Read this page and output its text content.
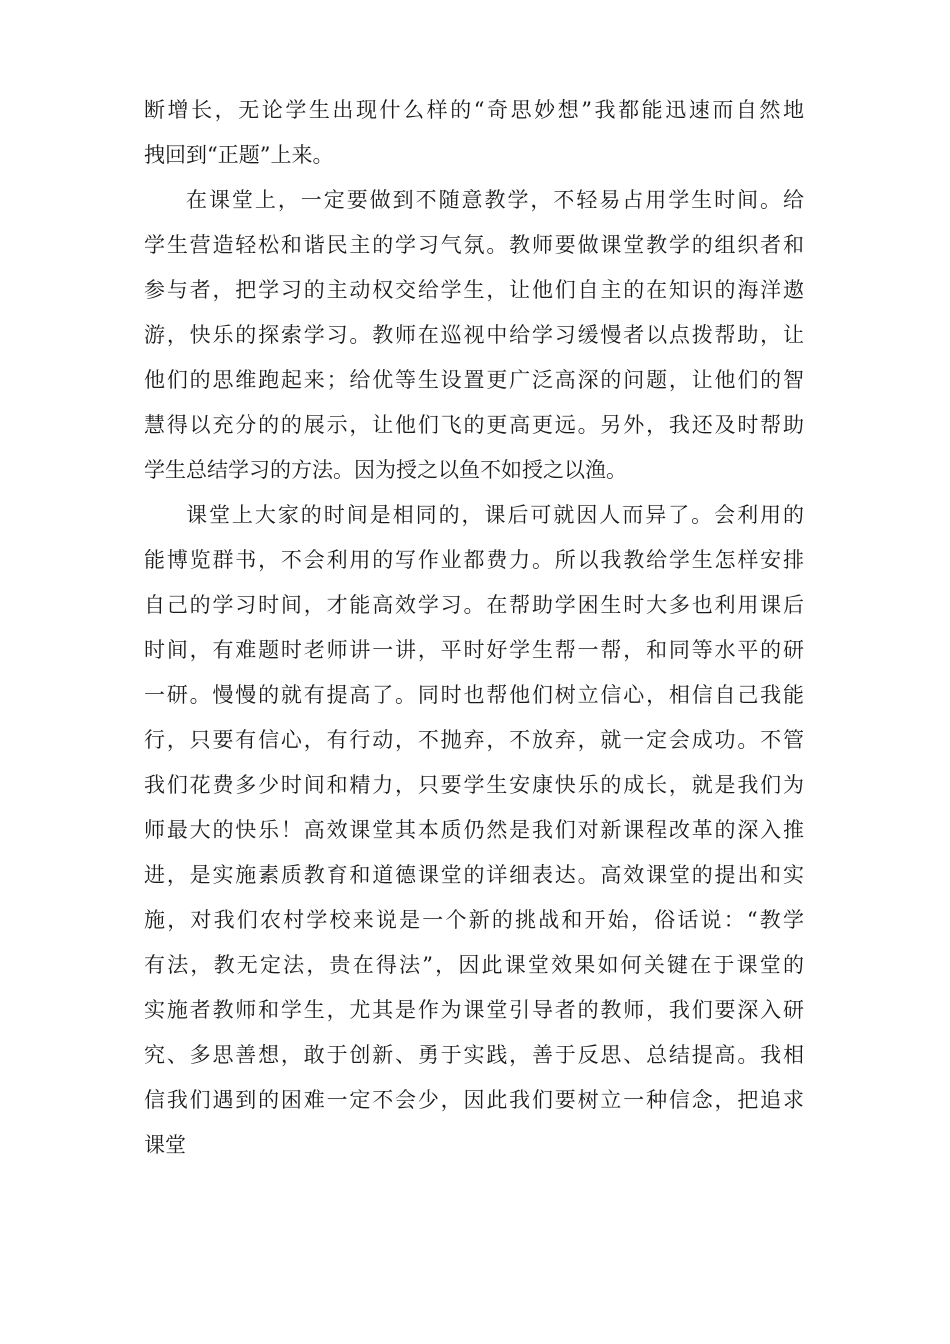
断增长，无论学生出现什么样的“奇思妙想”我都能迅速而自然地
拽回到“正题”上来。
在课堂上，一定要做到不随意教学，不轻易占用学生时间。给
学生营造轻松和谐民主的学习气氛。教师要做课堂教学的组织者和
参与者，把学习的主动权交给学生，让他们自主的在知识的海洋遨
游，快乐的探索学习。教师在巡视中给学习缓慢者以点拨帮助，让
他们的思维跑起来；给优等生设置更广泛高深的问题，让他们的智
慧得以充分的的展示，让他们飞的更高更远。另外，我还及时帮助
学生总结学习的方法。因为授之以鱼不如授之以渔。
课堂上大家的时间是相同的，课后可就因人而异了。会利用的
能博览群书，不会利用的写作业都费力。所以我教给学生怎样安排
自己的学习时间，才能高效学习。在帮助学困生时大多也利用课后
时间，有难题时老师讲一讲，平时好学生帮一帮，和同等水平的研
一研。慢慢的就有提高了。同时也帮他们树立信心，相信自己我能
行，只要有信心，有行动，不抛弃，不放弃，就一定会成功。不管
我们花费多少时间和精力，只要学生安康快乐的成长，就是我们为
师最大的快乐！高效课堂其本质仍然是我们对新课程改革的深入推
进，是实施素质教育和道德课堂的详细表达。高效课堂的提出和实
施，对我们农村学校来说是一个新的挑战和开始，俗话说：“教学
有法，教无定法，贵在得法”，因此课堂效果如何关键在于课堂的
实施者教师和学生，尤其是作为课堂引导者的教师，我们要深入研
究、多思善想，敢于创新、勇于实践，善于反思、总结提高。我相
信我们遇到的困难一定不会少，因此我们要树立一种信念，把追求
课堂
